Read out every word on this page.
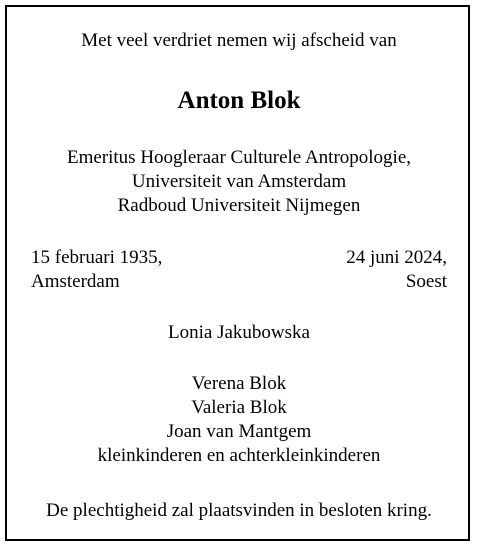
Met veel verdriet nemen wij afscheid van
Anton Blok
Emeritus Hoogleraar Culturele Antropologie,
Universiteit van Amsterdam
Radboud Universiteit Nijmegen
15 februari 1935,
Amsterdam
24 juni 2024,
Soest
Lonia Jakubowska
Verena Blok
Valeria Blok
Joan van Mantgem
kleinkinderen en achterkleinkinderen
De plechtigheid zal plaatsvinden in besloten kring.
